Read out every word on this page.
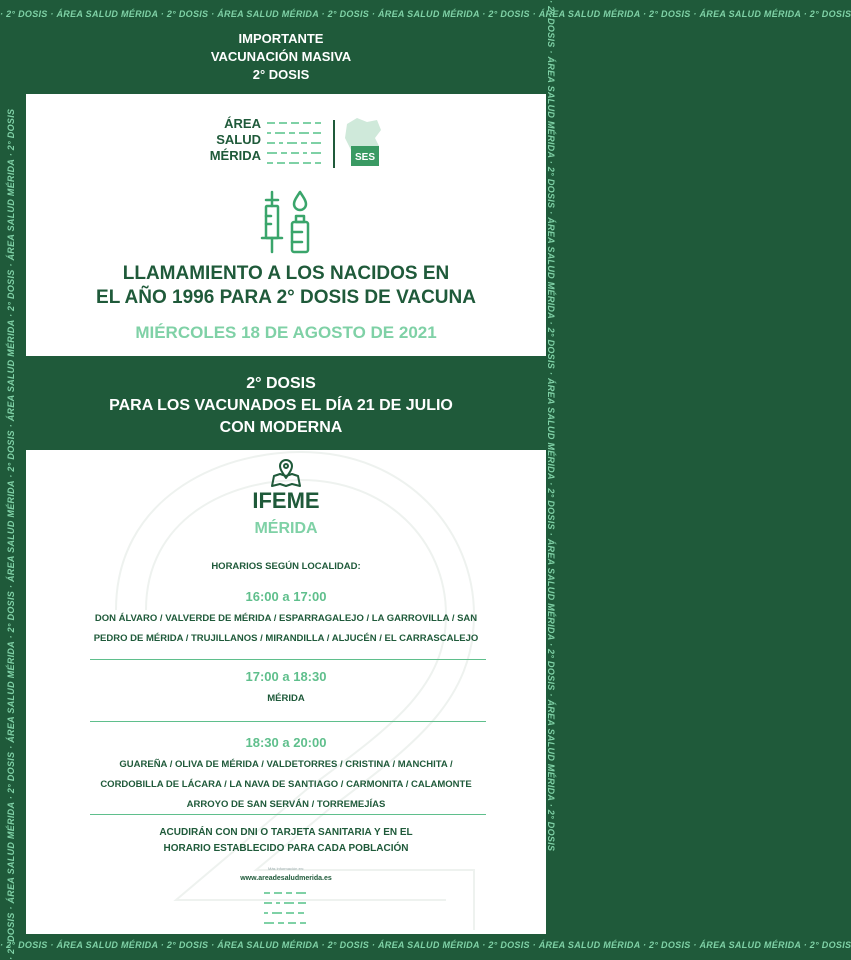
· 2° DOSIS · ÁREA SALUD MÉRIDA · 2° DOSIS · ÁREA SALUD MÉRIDA · 2° DOSIS · ÁREA SALUD MÉRIDA · 2° DOSIS · ÁREA SALUD MÉRIDA · 2° DOSIS · ÁREA SALUD MÉRIDA · 2° DOSIS
· 2° DOSIS · ÁREA SALUD MÉRIDA · 2° DOSIS · ÁREA SALUD MÉRIDA · 2° DOSIS · ÁREA SALUD MÉRIDA · 2° DOSIS · ÁREA SALUD MÉRIDA · 2° DOSIS · ÁREA SALUD MÉRIDA · 2° DOSIS
· 2° DOSIS · ÁREA SALUD MÉRIDA · 2° DOSIS · ÁREA SALUD MÉRIDA · 2° DOSIS · ÁREA SALUD MÉRIDA · 2° DOSIS · ÁREA SALUD MÉRIDA · 2° DOSIS · ÁREA SALUD MÉRIDA · 2° DOSIS	· 2° DOSIS · ÁREA SALUD MÉRIDA · 2° DOSIS · ÁREA SALUD MÉRIDA · 2° DOSIS · ÁREA SALUD MÉRIDA · 2° DOSIS · ÁREA SALUD MÉRIDA · 2° DOSIS · ÁREA SALUD MÉRIDA · 2° DOSIS
IMPORTANTE
VACUNACIÓN MASIVA
2° DOSIS
ÁREA
SALUD
MÉRIDA	SES
LLAMAMIENTO A LOS NACIDOS EN
EL AÑO 1996 PARA 2° DOSIS DE VACUNA
MIÉRCOLES 18 DE AGOSTO DE 2021
2° DOSIS
PARA LOS VACUNADOS EL DÍA 21 DE JULIO
CON MODERNA
IFEME
MÉRIDA
HORARIOS SEGÚN LOCALIDAD:
16:00 a 17:00
DON ÁLVARO / VALVERDE DE MÉRIDA / ESPARRAGALEJO / LA GARROVILLA / SAN
PEDRO DE MÉRIDA / TRUJILLANOS / MIRANDILLA / ALJUCÉN / EL CARRASCALEJO
17:00 a 18:30
MÉRIDA
18:30 a 20:00
GUAREÑA / OLIVA DE MÉRIDA / VALDETORRES / CRISTINA / MANCHITA /
CORDOBILLA DE LÁCARA / LA NAVA DE SANTIAGO / CARMONITA / CALAMONTE
ARROYO DE SAN SERVÁN / TORREMEJÍAS
ACUDIRÁN CON DNI O TARJETA SANITARIA Y EN EL
HORARIO ESTABLECIDO PARA CADA POBLACIÓN
Más información en:
www.areadesaludmerida.es
